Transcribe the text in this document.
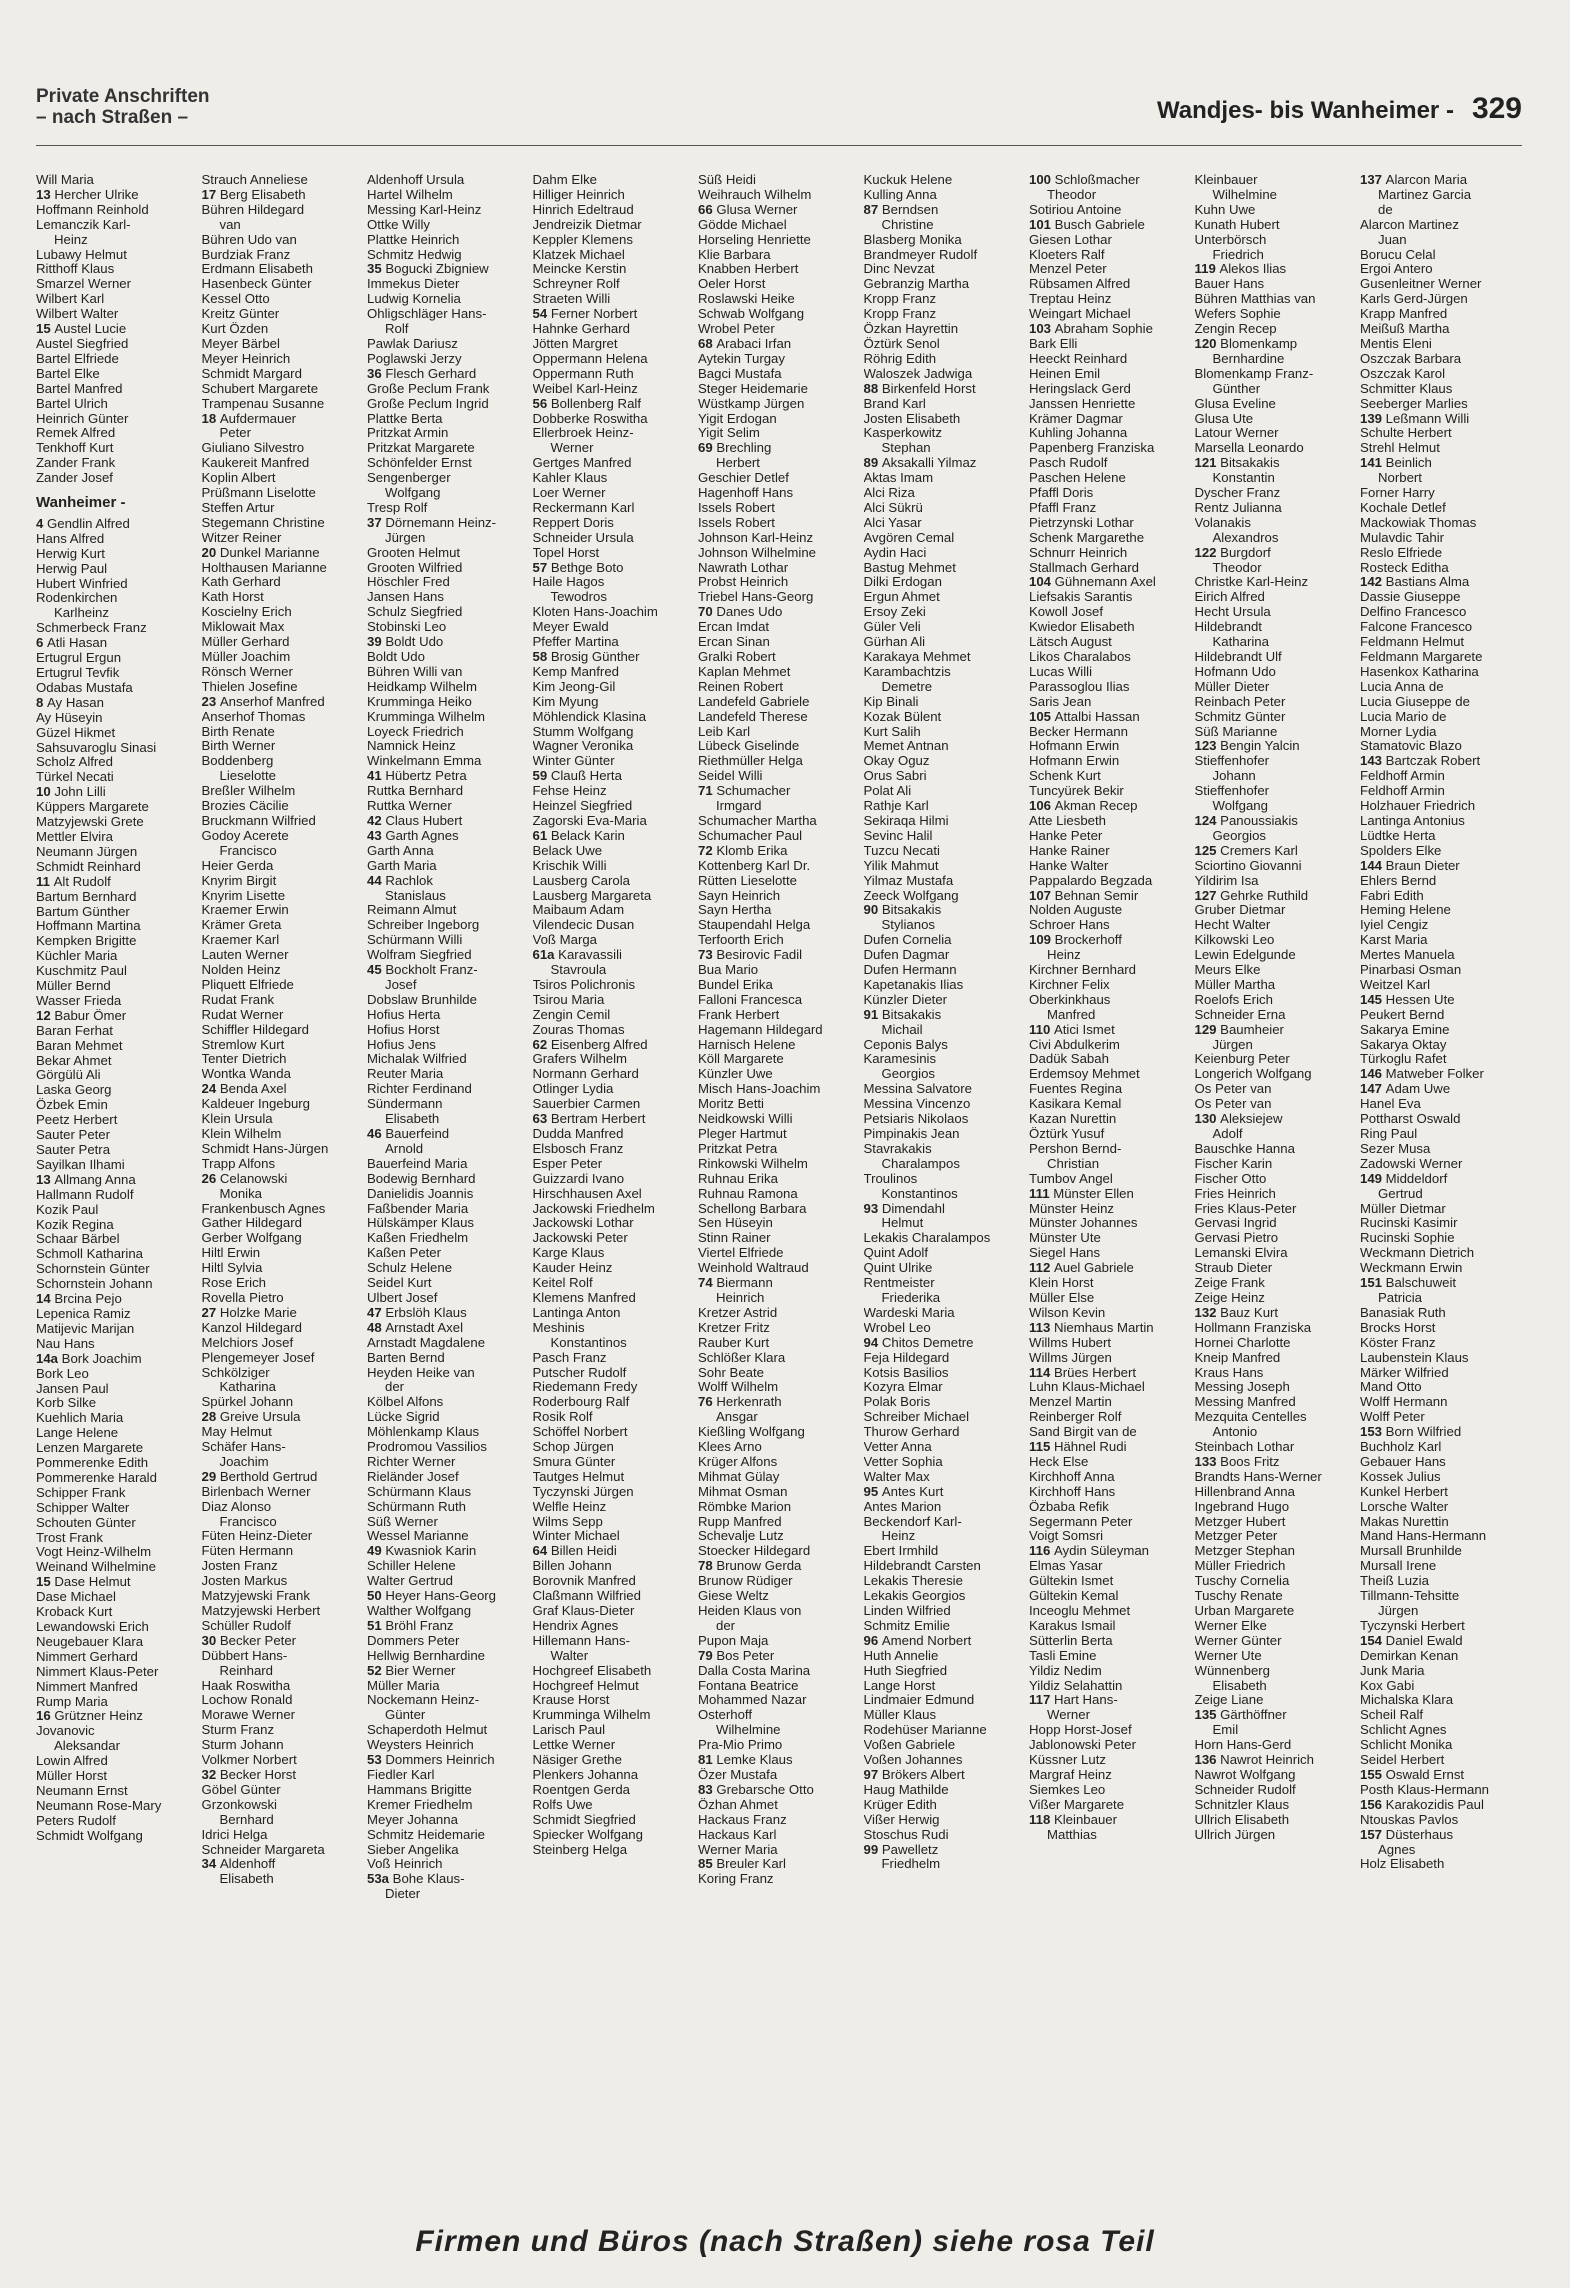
Private Anschriften
– nach Straßen –	Wandjes- bis Wanheimer - 329
Will Maria
13 Hercher Ulrike
Hoffmann Reinhold
Lemanczik Karl-
Heinz
Lubawy Helmut
Ritthoff Klaus
Smarzel Werner
Wilbert Karl
Wilbert Walter
15 Austel Lucie
Austel Siegfried
Bartel Elfriede
Bartel Elke
Bartel Manfred
Bartel Ulrich
Heinrich Günter
Remek Alfred
Tenkhoff Kurt
Zander Frank
Zander Josef
Wanheimer -
4 Gendlin Alfred
Hans Alfred
Herwig Kurt
Herwig Paul
Hubert Winfried
Rodenkirchen
Karlheinz
Schmerbeck Franz
6 Atli Hasan
Ertugrul Ergun
Ertugrul Tevfik
Odabas Mustafa
8 Ay Hasan
Ay Hüseyin
Güzel Hikmet
Sahsuvaroglu Sinasi
Scholz Alfred
Türkel Necati
10 John Lilli
Küppers Margarete
Matzyjewski Grete
Mettler Elvira
Neumann Jürgen
Schmidt Reinhard
11 Alt Rudolf
Bartum Bernhard
Bartum Günther
Hoffmann Martina
Kempken Brigitte
Küchler Maria
Kuschmitz Paul
Müller Bernd
Wasser Frieda
12 Babur Ömer
Baran Ferhat
Baran Mehmet
Bekar Ahmet
Görgülü Ali
Laska Georg
Özbek Emin
Peetz Herbert
Sauter Peter
Sauter Petra
Sayilkan Ilhami
13 Allmang Anna
Hallmann Rudolf
Kozik Paul
Kozik Regina
Schaar Bärbel
Schmoll Katharina
Schornstein Günter
Schornstein Johann
14 Brcina Pejo
Lepenica Ramiz
Matijevic Marijan
Nau Hans
14a Bork Joachim
Bork Leo
Jansen Paul
Korb Silke
Kuehlich Maria
Lange Helene
Lenzen Margarete
Pommerenke Edith
Pommerenke Harald
Schipper Frank
Schipper Walter
Schouten Günter
Trost Frank
Vogt Heinz-Wilhelm
Weinand Wilhelmine
15 Dase Helmut
Dase Michael
Kroback Kurt
Lewandowski Erich
Neugebauer Klara
Nimmert Gerhard
Nimmert Klaus-Peter
Nimmert Manfred
Rump Maria
16 Grützner Heinz
Jovanovic
Aleksandar
Lowin Alfred
Müller Horst
Neumann Ernst
Neumann Rose-Mary
Peters Rudolf
Schmidt Wolfgang
Strauch Anneliese
17 Berg Elisabeth
Bühren Hildegard
van
Bühren Udo van
Burdziak Franz
Erdmann Elisabeth
Hasenbeck Günter
Kessel Otto
Kreitz Günter
Kurt Özden
Meyer Bärbel
Meyer Heinrich
Schmidt Margard
Schubert Margarete
Trampenau Susanne
18 Aufdermauer
Peter
Giuliano Silvestro
Kaukereit Manfred
Koplin Albert
Prüßmann Liselotte
Steffen Artur
Stegemann Christine
Witzer Reiner
20 Dunkel Marianne
Holthausen Marianne
Kath Gerhard
Kath Horst
Koscielny Erich
Miklowait Max
Müller Gerhard
Müller Joachim
Rönsch Werner
Thielen Josefine
23 Anserhof Manfred
Anserhof Thomas
Birth Renate
Birth Werner
Boddenberg
Lieselotte
Breßler Wilhelm
Brozies Cäcilie
Bruckmann Wilfried
Godoy Acerete
Francisco
Heier Gerda
Knyrim Birgit
Knyrim Lisette
Kraemer Erwin
Krämer Greta
Kraemer Karl
Lauten Werner
Nolden Heinz
Pliquett Elfriede
Rudat Frank
Rudat Werner
Schiffler Hildegard
Stremlow Kurt
Tenter Dietrich
Wontka Wanda
24 Benda Axel
Kaldeuer Ingeburg
Klein Ursula
Klein Wilhelm
Schmidt Hans-Jürgen
Trapp Alfons
26 Celanowski
Monika
Frankenbusch Agnes
Gather Hildegard
Gerber Wolfgang
Hiltl Erwin
Hiltl Sylvia
Rose Erich
Rovella Pietro
27 Holzke Marie
Kanzol Hildegard
Melchiors Josef
Plengemeyer Josef
Schkölziger
Katharina
Spürkel Johann
28 Greive Ursula
May Helmut
Schäfer Hans-
Joachim
29 Berthold Gertrud
Birlenbach Werner
Diaz Alonso
Francisco
Füten Heinz-Dieter
Füten Hermann
Josten Franz
Josten Markus
Matzyjewski Frank
Matzyjewski Herbert
Schüller Rudolf
30 Becker Peter
Dübbert Hans-
Reinhard
Haak Roswitha
Lochow Ronald
Morawe Werner
Sturm Franz
Sturm Johann
Volkmer Norbert
32 Becker Horst
Göbel Günter
Grzonkowski
Bernhard
Idrici Helga
Schneider Margareta
34 Aldenhoff
Elisabeth
Aldenhoff Ursula
Hartel Wilhelm
Messing Karl-Heinz
Ottke Willy
Plattke Heinrich
Schmitz Hedwig
35 Bogucki Zbigniew
Immekus Dieter
Ludwig Kornelia
Ohligschläger Hans-
Rolf
Pawlak Dariusz
Poglawski Jerzy
36 Flesch Gerhard
Große Peclum Frank
Große Peclum Ingrid
Plattke Berta
Pritzkat Armin
Pritzkat Margarete
Schönfelder Ernst
Sengenberger
Wolfgang
Tresp Rolf
37 Dörnemann Heinz-
Jürgen
Grooten Helmut
Grooten Wilfried
Höschler Fred
Jansen Hans
Schulz Siegfried
Stobinski Leo
39 Boldt Udo
Boldt Udo
Bühren Willi van
Heidkamp Wilhelm
Krumminga Heiko
Krumminga Wilhelm
Loyeck Friedrich
Namnick Heinz
Winkelmann Emma
41 Hübertz Petra
Ruttka Bernhard
Ruttka Werner
42 Claus Hubert
43 Garth Agnes
Garth Anna
Garth Maria
44 Rachlok
Stanislaus
Reimann Almut
Schreiber Ingeborg
Schürmann Willi
Wolfram Siegfried
45 Bockholt Franz-
Josef
Dobslaw Brunhilde
Hofius Herta
Hofius Horst
Hofius Jens
Michalak Wilfried
Reuter Maria
Richter Ferdinand
Sündermann
Elisabeth
46 Bauerfeind
Arnold
Bauerfeind Maria
Bodewig Bernhard
Danielidis Joannis
Faßbender Maria
Hülskämper Klaus
Kaßen Friedhelm
Kaßen Peter
Schulz Helene
Seidel Kurt
Ulbert Josef
47 Erbslöh Klaus
48 Arnstadt Axel
Arnstadt Magdalene
Barten Bernd
Heyden Heike van
der
Kölbel Alfons
Lücke Sigrid
Möhlenkamp Klaus
Prodromou Vassilios
Richter Werner
Rieländer Josef
Schürmann Klaus
Schürmann Ruth
Süß Werner
Wessel Marianne
49 Kwasniok Karin
Schiller Helene
Walter Gertrud
50 Heyer Hans-Georg
Walther Wolfgang
51 Bröhl Franz
Dommers Peter
Hellwig Bernhardine
52 Bier Werner
Müller Maria
Nockemann Heinz-
Günter
Schaperdoth Helmut
Weysters Heinrich
53 Dommers Heinrich
Fiedler Karl
Hammans Brigitte
Kremer Friedhelm
Meyer Johanna
Schmitz Heidemarie
Sieber Angelika
Voß Heinrich
53a Bohe Klaus-
Dieter
Dahm Elke
Hilliger Heinrich
Hinrich Edeltraud
Jendreizik Dietmar
Keppler Klemens
Klatzek Michael
Meincke Kerstin
Schreyner Rolf
Straeten Willi
54 Ferner Norbert
Hahnke Gerhard
Jötten Margret
Oppermann Helena
Oppermann Ruth
Weibel Karl-Heinz
56 Bollenberg Ralf
Dobberke Roswitha
Ellerbroek Heinz-
Werner
Gertges Manfred
Kahler Klaus
Loer Werner
Reckermann Karl
Reppert Doris
Schneider Ursula
Topel Horst
57 Bethge Boto
Haile Hagos
Tewodros
Kloten Hans-Joachim
Meyer Ewald
Pfeffer Martina
58 Brosig Günther
Kemp Manfred
Kim Jeong-Gil
Kim Myung
Möhlendick Klasina
Stumm Wolfgang
Wagner Veronika
Winter Günter
59 Clauß Herta
Fehse Heinz
Heinzel Siegfried
Zagorski Eva-Maria
61 Belack Karin
Belack Uwe
Krischik Willi
Lausberg Carola
Lausberg Margareta
Maibaum Adam
Vilendecic Dusan
Voß Marga
61a Karavassili
Stavroula
Tsiros Polichronis
Tsirou Maria
Zengin Cemil
Zouras Thomas
62 Eisenberg Alfred
Grafers Wilhelm
Normann Gerhard
Otlinger Lydia
Sauerbier Carmen
63 Bertram Herbert
Dudda Manfred
Elsbosch Franz
Esper Peter
Guizzardi Ivano
Hirschhausen Axel
Jackowski Friedhelm
Jackowski Lothar
Jackowski Peter
Karge Klaus
Kauder Heinz
Keitel Rolf
Klemens Manfred
Lantinga Anton
Meshinis
Konstantinos
Pasch Franz
Putscher Rudolf
Riedemann Fredy
Roderbourg Ralf
Rosik Rolf
Schöffel Norbert
Schop Jürgen
Smura Günter
Tautges Helmut
Tyczynski Jürgen
Welfle Heinz
Wilms Sepp
Winter Michael
64 Billen Heidi
Billen Johann
Borovnik Manfred
Claßmann Wilfried
Graf Klaus-Dieter
Hendrix Agnes
Hillemann Hans-
Walter
Hochgreef Elisabeth
Hochgreef Helmut
Krause Horst
Krumminga Wilhelm
Larisch Paul
Lettke Werner
Näsiger Grethe
Plenkers Johanna
Roentgen Gerda
Rolfs Uwe
Schmidt Siegfried
Spiecker Wolfgang
Steinberg Helga
Süß Heidi
Weihrauch Wilhelm
66 Glusa Werner
Gödde Michael
Horseling Henriette
Klie Barbara
Knabben Herbert
Oeler Horst
Roslawski Heike
Schwab Wolfgang
Wrobel Peter
68 Arabaci Irfan
Aytekin Turgay
Bagci Mustafa
Steger Heidemarie
Wüstkamp Jürgen
Yigit Erdogan
Yigit Selim
69 Brechling
Herbert
Geschier Detlef
Hagenhoff Hans
Issels Robert
Issels Robert
Johnson Karl-Heinz
Johnson Wilhelmine
Nawrath Lothar
Probst Heinrich
Triebel Hans-Georg
70 Danes Udo
Ercan Imdat
Ercan Sinan
Gralki Robert
Kaplan Mehmet
Reinen Robert
Landefeld Gabriele
Landefeld Therese
Leib Karl
Lübeck Giselinde
Riethmüller Helga
Seidel Willi
71 Schumacher
Irmgard
Schumacher Martha
Schumacher Paul
72 Klomb Erika
Kottenberg Karl Dr.
Rütten Lieselotte
Sayn Heinrich
Sayn Hertha
Staupendahl Helga
Terfoorth Erich
73 Besirovic Fadil
Bua Mario
Bundel Erika
Falloni Francesca
Frank Herbert
Hagemann Hildegard
Harnisch Helene
Köll Margarete
Künzler Uwe
Misch Hans-Joachim
Moritz Betti
Neidkowski Willi
Pleger Hartmut
Pritzkat Petra
Rinkowski Wilhelm
Ruhnau Erika
Ruhnau Ramona
Schellong Barbara
Sen Hüseyin
Stinn Rainer
Viertel Elfriede
Weinhold Waltraud
74 Biermann
Heinrich
Kretzer Astrid
Kretzer Fritz
Rauber Kurt
Schlößer Klara
Sohr Beate
Wolff Wilhelm
76 Herkenrath
Ansgar
Kießling Wolfgang
Klees Arno
Krüger Alfons
Mihmat Gülay
Mihmat Osman
Römbke Marion
Rupp Manfred
Schevalje Lutz
Stoecker Hildegard
78 Brunow Gerda
Brunow Rüdiger
Giese Weltz
Heiden Klaus von
der
Pupon Maja
79 Bos Peter
Dalla Costa Marina
Fontana Beatrice
Mohammed Nazar
Osterhoff
Wilhelmine
Pra-Mio Primo
81 Lemke Klaus
Özer Mustafa
83 Grebarsche Otto
Özhan Ahmet
Hackaus Franz
Hackaus Karl
Werner Maria
85 Breuler Karl
Koring Franz
Kuckuk Helene
Kulling Anna
87 Berndsen
Christine
Blasberg Monika
Brandmeyer Rudolf
Dinc Nevzat
Gebranzig Martha
Kropp Franz
Kropp Franz
Özkan Hayrettin
Öztürk Senol
Röhrig Edith
Waloszek Jadwiga
88 Birkenfeld Horst
Brand Karl
Josten Elisabeth
Kasperkowitz
Stephan
89 Aksakalli Yilmaz
Aktas Imam
Alci Riza
Alci Sükrü
Alci Yasar
Avgören Cemal
Aydin Haci
Bastug Mehmet
Dilki Erdogan
Ergun Ahmet
Ersoy Zeki
Güler Veli
Gürhan Ali
Karakaya Mehmet
Karambachtzis
Demetre
Kip Binali
Kozak Bülent
Kurt Salih
Memet Antnan
Okay Oguz
Orus Sabri
Polat Ali
Rathje Karl
Sekiraqa Hilmi
Sevinc Halil
Tuzcu Necati
Yilik Mahmut
Yilmaz Mustafa
Zeeck Wolfgang
90 Bitsakakis
Stylianos
Dufen Cornelia
Dufen Dagmar
Dufen Hermann
Kapetanakis Ilias
Künzler Dieter
91 Bitsakakis
Michail
Ceponis Balys
Karamesinis
Georgios
Messina Salvatore
Messina Vincenzo
Petsiaris Nikolaos
Pimpinakis Jean
Stavrakakis
Charalampos
Troulinos
Konstantinos
93 Dimendahl
Helmut
Lekakis Charalampos
Quint Adolf
Quint Ulrike
Rentmeister
Friederika
Wardeski Maria
Wrobel Leo
94 Chitos Demetre
Feja Hildegard
Kotsis Basilios
Kozyra Elmar
Polak Boris
Schreiber Michael
Thurow Gerhard
Vetter Anna
Vetter Sophia
Walter Max
95 Antes Kurt
Antes Marion
Beckendorf Karl-
Heinz
Ebert Irmhild
Hildebrandt Carsten
Lekakis Theresie
Lekakis Georgios
Linden Wilfried
Schmitz Emilie
96 Amend Norbert
Huth Annelie
Huth Siegfried
Lange Horst
Lindmaier Edmund
Müller Klaus
Rodehüser Marianne
Voßen Gabriele
Voßen Johannes
97 Brökers Albert
Haug Mathilde
Krüger Edith
Vißer Herwig
Stoschus Rudi
99 Pawelletz
Friedhelm
100 Schloßmacher
Theodor
Sotiriou Antoine
101 Busch Gabriele
Giesen Lothar
Kloeters Ralf
Menzel Peter
Rübsamen Alfred
Treptau Heinz
Weingart Michael
103 Abraham Sophie
Bark Elli
Heeckt Reinhard
Heinen Emil
Heringslack Gerd
Janssen Henriette
Krämer Dagmar
Kuhling Johanna
Papenberg Franziska
Pasch Rudolf
Paschen Helene
Pfaffl Doris
Pfaffl Franz
Pietrzynski Lothar
Schenk Margarethe
Schnurr Heinrich
Stallmach Gerhard
104 Gühnemann Axel
Liefsakis Sarantis
Kowoll Josef
Kwiedor Elisabeth
Lätsch August
Likos Charalabos
Lucas Willi
Parassoglou Ilias
Saris Jean
105 Attalbi Hassan
Becker Hermann
Hofmann Erwin
Hofmann Erwin
Schenk Kurt
Tuncyürek Bekir
106 Akman Recep
Atte Liesbeth
Hanke Peter
Hanke Rainer
Hanke Walter
Pappalardo Begzada
107 Behnan Semir
Nolden Auguste
Schroer Hans
109 Brockerhoff
Heinz
Kirchner Bernhard
Kirchner Felix
Oberkinkhaus
Manfred
110 Atici Ismet
Civi Abdulkerim
Dadük Sabah
Erdemsoy Mehmet
Fuentes Regina
Kasikara Kemal
Kazan Nurettin
Öztürk Yusuf
Pershon Bernd-
Christian
Tumbov Angel
111 Münster Ellen
Münster Heinz
Münster Johannes
Münster Ute
Siegel Hans
112 Auel Gabriele
Klein Horst
Müller Else
Wilson Kevin
113 Niemhaus Martin
Willms Hubert
Willms Jürgen
114 Brües Herbert
Luhn Klaus-Michael
Menzel Martin
Reinberger Rolf
Sand Birgit van de
115 Hähnel Rudi
Heck Else
Kirchhoff Anna
Kirchhoff Hans
Özbaba Refik
Segermann Peter
Voigt Somsri
116 Aydin Süleyman
Elmas Yasar
Gültekin Ismet
Gültekin Kemal
Inceoglu Mehmet
Karakus Ismail
Sütterlin Berta
Tasli Emine
Yildiz Nedim
Yildiz Selahattin
117 Hart Hans-
Werner
Hopp Horst-Josef
Jablonowski Peter
Küssner Lutz
Margraf Heinz
Siemkes Leo
Vißer Margarete
118 Kleinbauer
Matthias
Kleinbauer
Wilhelmine
Kuhn Uwe
Kunath Hubert
Unterbörsch
Friedrich
119 Alekos Ilias
Bauer Hans
Bühren Matthias van
Wefers Sophie
Zengin Recep
120 Blomenkamp
Bernhardine
Blomenkamp Franz-
Günther
Glusa Eveline
Glusa Ute
Latour Werner
Marsella Leonardo
121 Bitsakakis
Konstantin
Dyscher Franz
Rentz Julianna
Volanakis
Alexandros
122 Burgdorf
Theodor
Christke Karl-Heinz
Eirich Alfred
Hecht Ursula
Hildebrandt
Katharina
Hildebrandt Ulf
Hofmann Udo
Müller Dieter
Reinbach Peter
Schmitz Günter
Süß Marianne
123 Bengin Yalcin
Stieffenhofer
Johann
Stieffenhofer
Wolfgang
124 Panoussiakis
Georgios
125 Cremers Karl
Sciortino Giovanni
Yildirim Isa
127 Gehrke Ruthild
Gruber Dietmar
Hecht Walter
Kilkowski Leo
Lewin Edelgunde
Meurs Elke
Müller Martha
Roelofs Erich
Schneider Erna
129 Baumheier
Jürgen
Keienburg Peter
Longerich Wolfgang
Os Peter van
Os Peter van
130 Aleksiejew
Adolf
Bauschke Hanna
Fischer Karin
Fischer Otto
Fries Heinrich
Fries Klaus-Peter
Gervasi Ingrid
Gervasi Pietro
Lemanski Elvira
Straub Dieter
Zeige Frank
Zeige Heinz
132 Bauz Kurt
Hollmann Franziska
Hornei Charlotte
Kneip Manfred
Kraus Hans
Messing Joseph
Messing Manfred
Mezquita Centelles
Antonio
Steinbach Lothar
133 Boos Fritz
Brandts Hans-Werner
Hillenbrand Anna
Ingebrand Hugo
Metzger Hubert
Metzger Peter
Metzger Stephan
Müller Friedrich
Tuschy Cornelia
Tuschy Renate
Urban Margarete
Werner Elke
Werner Günter
Werner Ute
Wünnenberg
Elisabeth
Zeige Liane
135 Gärthöffner
Emil
Horn Hans-Gerd
136 Nawrot Heinrich
Nawrot Wolfgang
Schneider Rudolf
Schnitzler Klaus
Ullrich Elisabeth
Ullrich Jürgen
137 Alarcon Maria
Martinez Garcia
de
Alarcon Martinez
Juan
Borucu Celal
Ergoi Antero
Gusenleitner Werner
Karls Gerd-Jürgen
Krapp Manfred
Meißuß Martha
Mentis Eleni
Oszczak Barbara
Oszczak Karol
Schmitter Klaus
Seeberger Marlies
139 Leßmann Willi
Schulte Herbert
Strehl Helmut
141 Beinlich
Norbert
Forner Harry
Kochale Detlef
Mackowiak Thomas
Mulavdic Tahir
Reslo Elfriede
Rosteck Editha
142 Bastians Alma
Dassie Giuseppe
Delfino Francesco
Falcone Francesco
Feldmann Helmut
Feldmann Margarete
Hasenkox Katharina
Lucia Anna de
Lucia Giuseppe de
Lucia Mario de
Morner Lydia
Stamatovic Blazo
143 Bartczak Robert
Feldhoff Armin
Feldhoff Armin
Holzhauer Friedrich
Lantinga Antonius
Lüdtke Herta
Spolders Elke
144 Braun Dieter
Ehlers Bernd
Fabri Edith
Heming Helene
Iyiel Cengiz
Karst Maria
Mertes Manuela
Pinarbasi Osman
Weitzel Karl
145 Hessen Ute
Peukert Bernd
Sakarya Emine
Sakarya Oktay
Türkoglu Rafet
146 Matweber Folker
147 Adam Uwe
Hanel Eva
Pottharst Oswald
Ring Paul
Sezer Musa
Zadowski Werner
149 Middeldorf
Gertrud
Müller Dietmar
Rucinski Kasimir
Rucinski Sophie
Weckmann Dietrich
Weckmann Erwin
151 Balschuweit
Patricia
Banasiak Ruth
Brocks Horst
Köster Franz
Laubenstein Klaus
Märker Wilfried
Mand Otto
Wolff Hermann
Wolff Peter
153 Born Wilfried
Buchholz Karl
Gebauer Hans
Kossek Julius
Kunkel Herbert
Lorsche Walter
Makas Nurettin
Mand Hans-Hermann
Mursall Brunhilde
Mursall Irene
Theiß Luzia
Tillmann-Tehsitte
Jürgen
Tyczynski Herbert
154 Daniel Ewald
Demirkan Kenan
Junk Maria
Kox Gabi
Michalska Klara
Scheil Ralf
Schlicht Agnes
Schlicht Monika
Seidel Herbert
155 Oswald Ernst
Posth Klaus-Hermann
156 Karakozidis Paul
Ntouskas Pavlos
157 Düsterhaus
Agnes
Holz Elisabeth
Firmen und Büros (nach Straßen) siehe rosa Teil
